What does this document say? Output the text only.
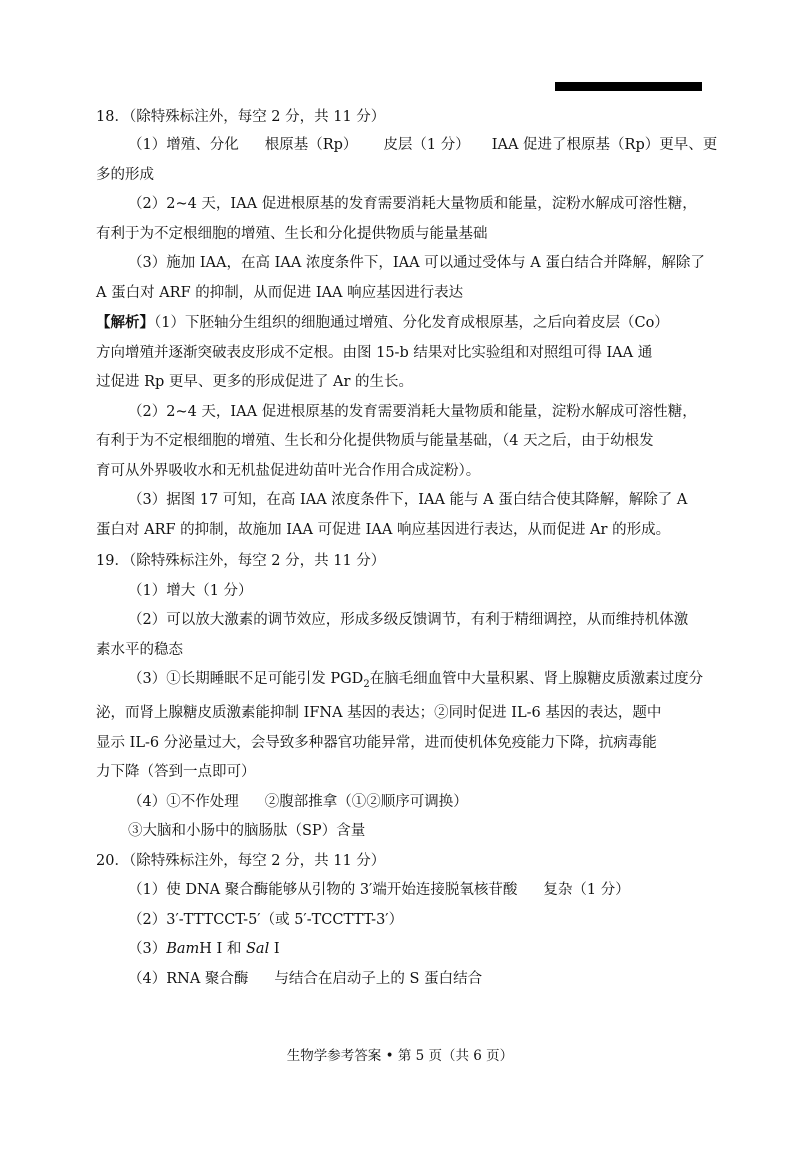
18．（除特殊标注外，每空 2 分，共 11 分）

（1）增殖、分化 根原基（Rp） 皮层（1 分） IAA 促进了根原基（Rp）更早、更

多的形成

（2）2~4 天，IAA 促进根原基的发育需要消耗大量物质和能量，淀粉水解成可溶性糖，

有利于为不定根细胞的增殖、生长和分化提供物质与能量基础

（3）施加 IAA，在高 IAA 浓度条件下，IAA 可以通过受体与 A 蛋白结合并降解，解除了

A 蛋白对 ARF 的抑制，从而促进 IAA 响应基因进行表达

【解析】（1）下胚轴分生组织的细胞通过增殖、分化发育成根原基，之后向着皮层（Co）

方向增殖并逐渐突破表皮形成不定根。由图 15-b 结果对比实验组和对照组可得 IAA 通

过促进 Rp 更早、更多的形成促进了 Ar 的生长。

（2）2~4 天，IAA 促进根原基的发育需要消耗大量物质和能量，淀粉水解成可溶性糖，

有利于为不定根细胞的增殖、生长和分化提供物质与能量基础，（4 天之后，由于幼根发

育可从外界吸收水和无机盐促进幼苗叶光合作用合成淀粉）。

（3）据图 17 可知，在高 IAA 浓度条件下，IAA 能与 A 蛋白结合使其降解，解除了 A

蛋白对 ARF 的抑制，故施加 IAA 可促进 IAA 响应基因进行表达，从而促进 Ar 的形成。

19．（除特殊标注外，每空 2 分，共 11 分）

（1）增大（1 分）

（2）可以放大激素的调节效应，形成多级反馈调节，有利于精细调控，从而维持机体激

素水平的稳态

（3）①长期睡眠不足可能引发 $PGD_2$在脑毛细血管中大量积累、肾上腺糖皮质激素过度分

泌，而肾上腺糖皮质激素能抑制 IFNA 基因的表达；②同时促进 IL-6 基因的表达，题中

显示 IL-6 分泌量过大，会导致多种器官功能异常，进而使机体免疫能力下降，抗病毒能

力下降（答到一点即可）

（4）①不作处理 ②腹部推拿（①②顺序可调换）

③大脑和小肠中的脑肠肽（SP）含量

20．（除特殊标注外，每空 2 分，共 11 分）

（1）使 DNA 聚合酶能够从引物的 3′端开始连接脱氧核苷酸 复杂（1 分）

（2）3′-TTTCCT-5′（或 5′-TCCTTT-3′）

（3）BamH Ⅰ 和 Sal Ⅰ

（4）RNA 聚合酶 与结合在启动子上的 S 蛋白结合

生物学参考答案 • 第 5 页（共 6 页）
